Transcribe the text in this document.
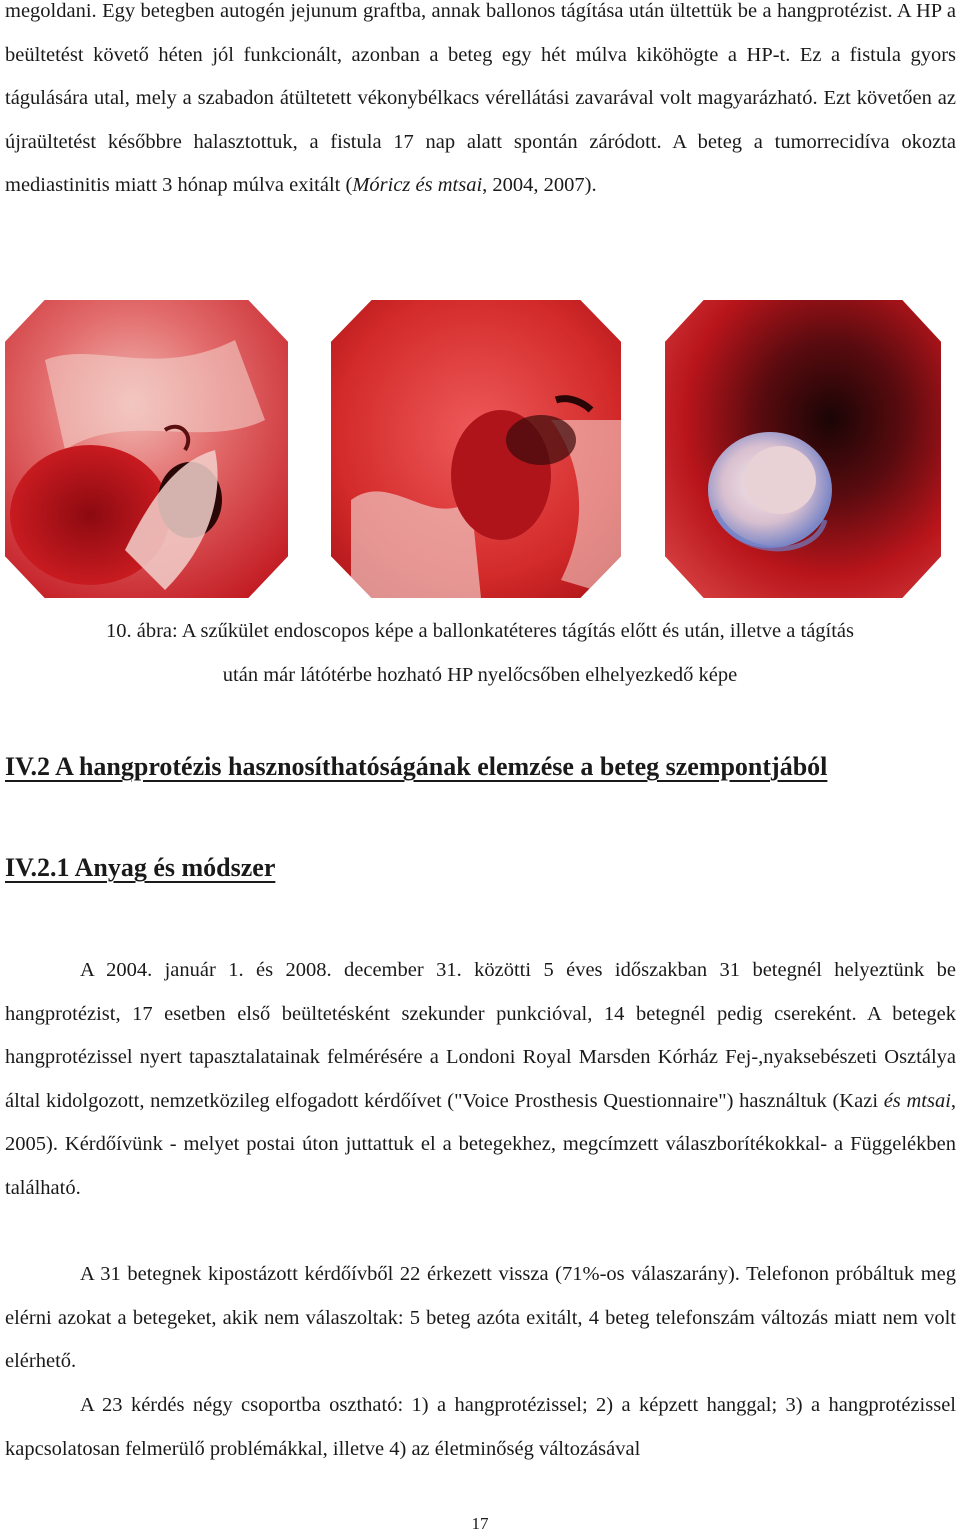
megoldani. Egy betegben autogén jejunum graftba, annak ballonos tágítása után ültettük be a hangprotézist. A HP a beültetést követő héten jól funkcionált, azonban a beteg egy hét múlva kiköhögte a HP-t. Ez a fistula gyors tágulására utal, mely a szabadon átültetett vékonybélkacs vérellátási zavarával volt magyarázható. Ezt követően az újraültetést későbbre halasztottuk, a fistula 17 nap alatt spontán záródott. A beteg a tumorrecidíva okozta mediastinitis miatt 3 hónap múlva exitált (Móricz és mtsai, 2004, 2007).

10. ábra: A szűkület endoscopos képe a ballonkatéteres tágítás előtt és után, illetve a tágítás
után már látótérbe hozható HP nyelőcsőben elhelyezkedő képe
IV.2 A hangprotézis hasznosíthatóságának elemzése a beteg szempontjából
IV.2.1 Anyag és módszer

A 2004. január 1. és 2008. december 31. közötti 5 éves időszakban 31 betegnél helyeztünk be hangprotézist, 17 esetben első beültetésként szekunder punkcióval, 14 betegnél pedig csereként. A betegek hangprotézissel nyert tapasztalatainak felmérésére a Londoni Royal Marsden Kórház Fej-,nyaksebészeti Osztálya által kidolgozott, nemzetközileg elfogadott kérdőívet ("Voice Prosthesis Questionnaire") használtuk (Kazi és mtsai, 2005). Kérdőívünk - melyet postai úton juttattuk el a betegekhez, megcímzett válaszborítékokkal- a Függelékben található.

A 31 betegnek kipostázott kérdőívből 22 érkezett vissza (71%-os válaszarány). Telefonon próbáltuk meg elérni azokat a betegeket, akik nem válaszoltak: 5 beteg azóta exitált, 4 beteg telefonszám változás miatt nem volt elérhető.

A 23 kérdés négy csoportba osztható: 1) a hangprotézissel; 2) a képzett hanggal; 3) a hangprotézissel kapcsolatosan felmerülő problémákkal, illetve 4) az életminőség változásával

17
